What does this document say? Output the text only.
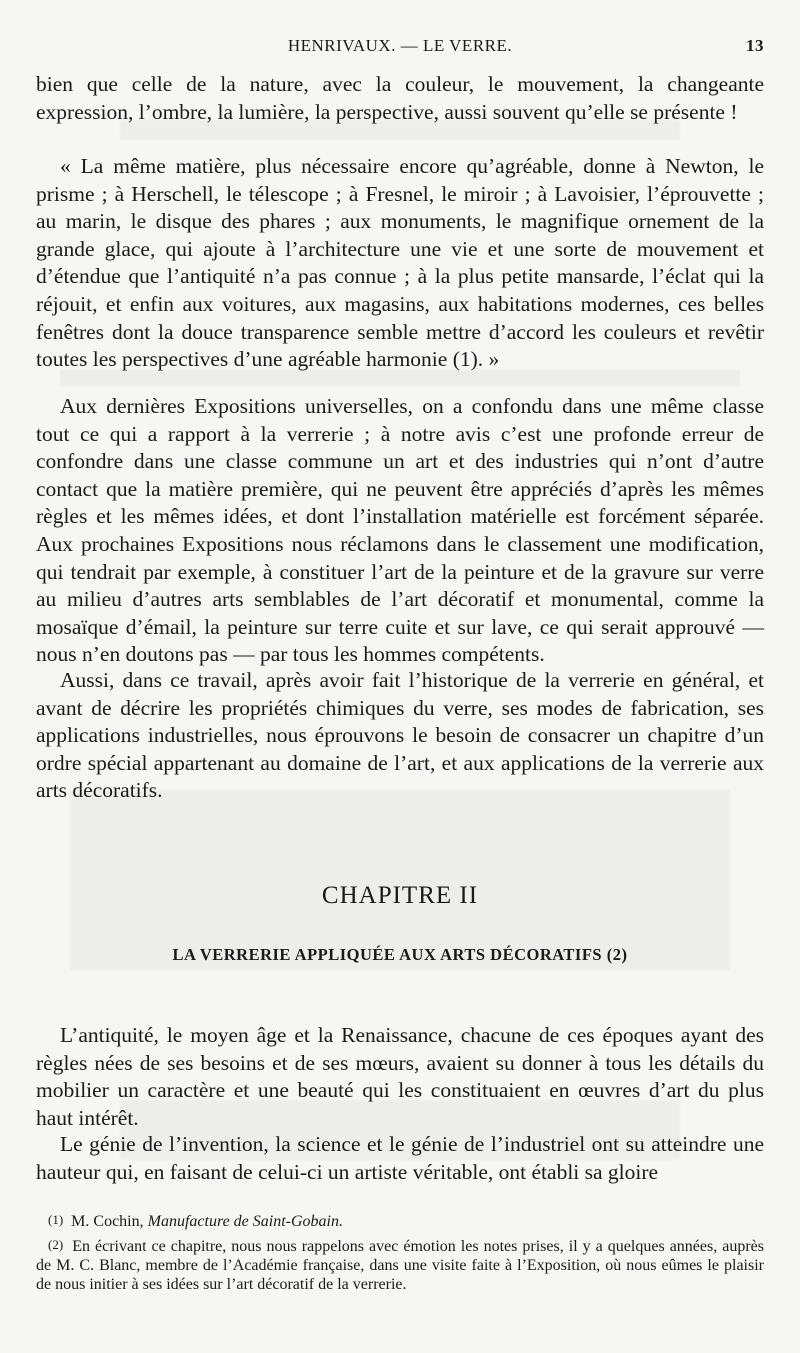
HENRIVAUX. — LE VERRE.	13

bien que celle de la nature, avec la couleur, le mouvement, la changeante expression, l’ombre, la lumière, la perspective, aussi souvent qu’elle se présente !

« La même matière, plus nécessaire encore qu’agréable, donne à Newton, le prisme ; à Herschell, le télescope ; à Fresnel, le miroir ; à Lavoisier, l’éprouvette ; au marin, le disque des phares ; aux monuments, le magnifique ornement de la grande glace, qui ajoute à l’architecture une vie et une sorte de mouvement et d’étendue que l’antiquité n’a pas connue ; à la plus petite mansarde, l’éclat qui la réjouit, et enfin aux voitures, aux magasins, aux habitations modernes, ces belles fenêtres dont la douce transparence semble mettre d’accord les couleurs et revêtir toutes les perspectives d’une agréable harmonie (1). »

Aux dernières Expositions universelles, on a confondu dans une même classe tout ce qui a rapport à la verrerie ; à notre avis c’est une profonde erreur de confondre dans une classe commune un art et des industries qui n’ont d’autre contact que la matière première, qui ne peuvent être appréciés d’après les mêmes règles et les mêmes idées, et dont l’installation matérielle est forcément séparée. Aux prochaines Expositions nous réclamons dans le classement une modification, qui tendrait par exemple, à constituer l’art de la peinture et de la gravure sur verre au milieu d’autres arts semblables de l’art décoratif et monumental, comme la mosaïque d’émail, la peinture sur terre cuite et sur lave, ce qui serait approuvé — nous n’en doutons pas — par tous les hommes compétents.

Aussi, dans ce travail, après avoir fait l’historique de la verrerie en général, et avant de décrire les propriétés chimiques du verre, ses modes de fabrication, ses applications industrielles, nous éprouvons le besoin de consacrer un chapitre d’un ordre spécial appartenant au domaine de l’art, et aux applications de la verrerie aux arts décoratifs.

CHAPITRE II
LA VERRERIE APPLIQUÉE AUX ARTS DÉCORATIFS (2)

L’antiquité, le moyen âge et la Renaissance, chacune de ces époques ayant des règles nées de ses besoins et de ses mœurs, avaient su donner à tous les détails du mobilier un caractère et une beauté qui les constituaient en œuvres d’art du plus haut intérêt.

Le génie de l’invention, la science et le génie de l’industriel ont su atteindre une hauteur qui, en faisant de celui-ci un artiste véritable, ont établi sa gloire

(1) M. Cochin, Manufacture de Saint-Gobain.

(2) En écrivant ce chapitre, nous nous rappelons avec émotion les notes prises, il y a quelques années, auprès de M. C. Blanc, membre de l’Académie française, dans une visite faite à l’Exposition, où nous eûmes le plaisir de nous initier à ses idées sur l’art décoratif de la verrerie.
